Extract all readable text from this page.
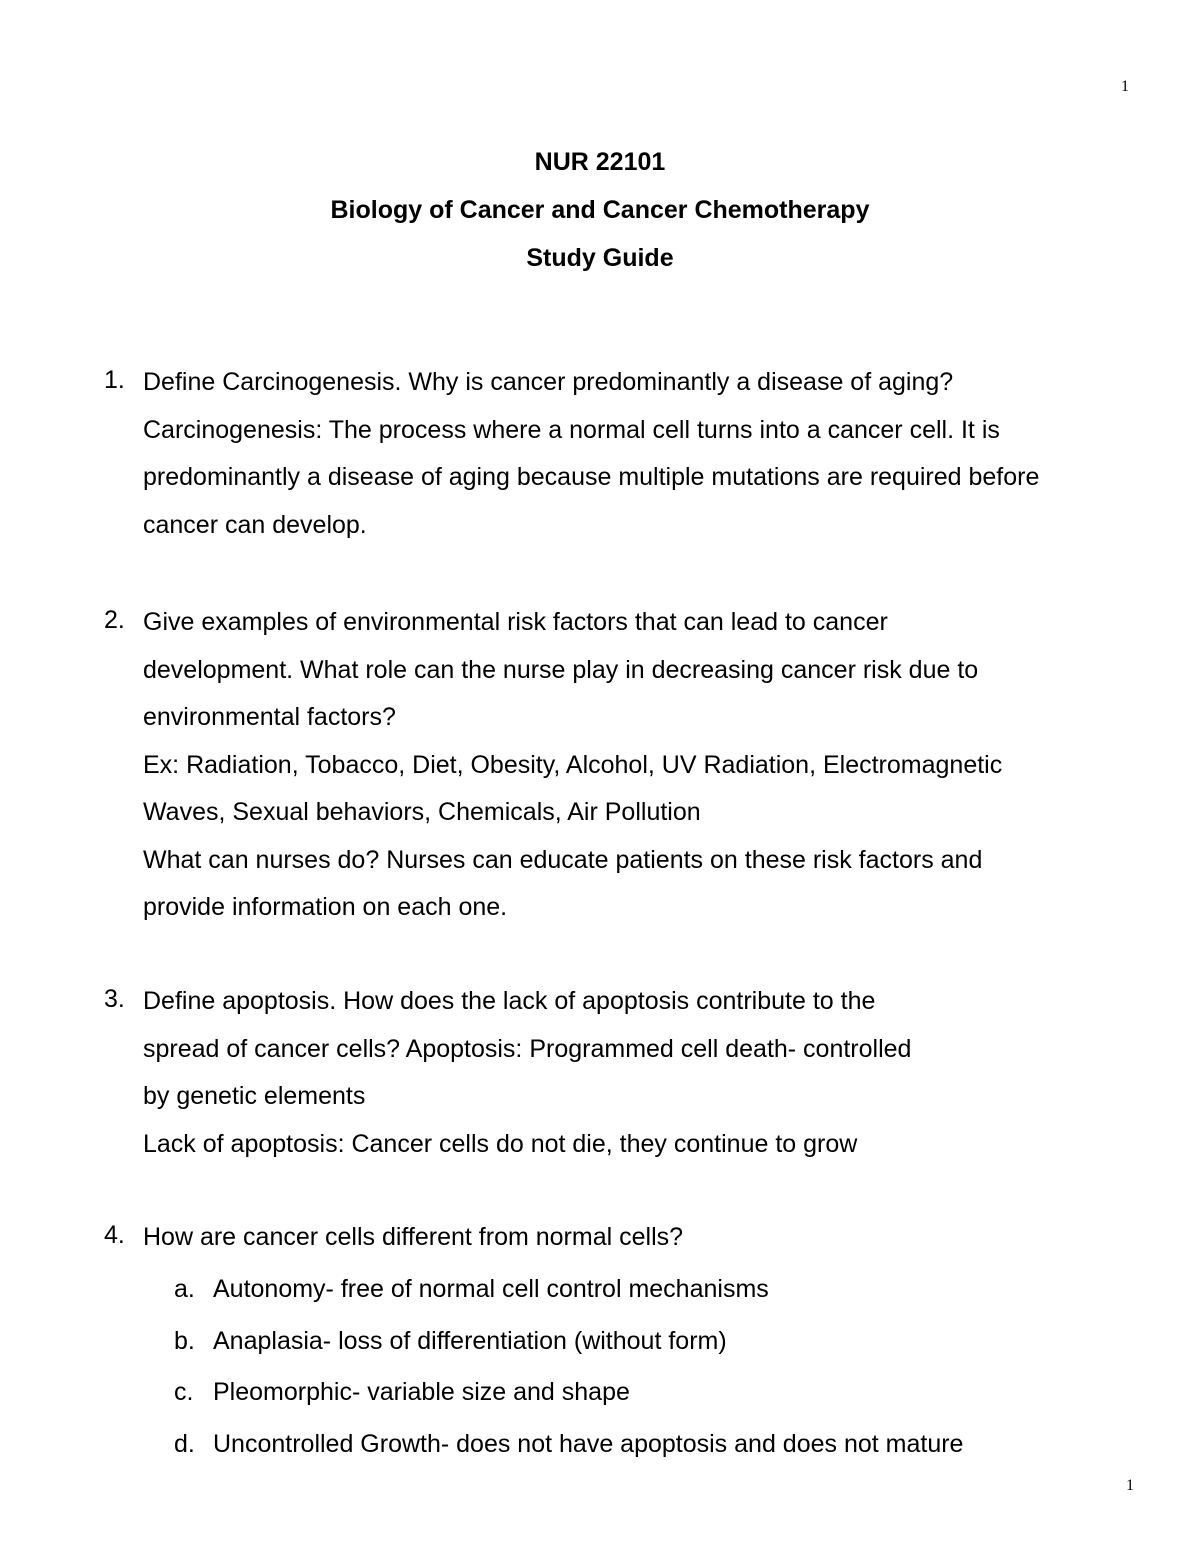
1
NUR 22101
Biology of Cancer and Cancer Chemotherapy
Study Guide
1. Define Carcinogenesis. Why is cancer predominantly a disease of aging?
Carcinogenesis: The process where a normal cell turns into a cancer cell. It is
predominantly a disease of aging because multiple mutations are required before
cancer can develop.
2. Give examples of environmental risk factors that can lead to cancer
development. What role can the nurse play in decreasing cancer risk due to
environmental factors?
Ex: Radiation, Tobacco, Diet, Obesity, Alcohol, UV Radiation, Electromagnetic
Waves, Sexual behaviors, Chemicals, Air Pollution
What can nurses do? Nurses can educate patients on these risk factors and
provide information on each one.
3. Define apoptosis. How does the lack of apoptosis contribute to the
spread of cancer cells? Apoptosis: Programmed cell death- controlled
by genetic elements
Lack of apoptosis: Cancer cells do not die, they continue to grow
4. How are cancer cells different from normal cells?
a. Autonomy- free of normal cell control mechanisms
b. Anaplasia- loss of differentiation (without form)
c. Pleomorphic- variable size and shape
d. Uncontrolled Growth- does not have apoptosis and does not mature
1
